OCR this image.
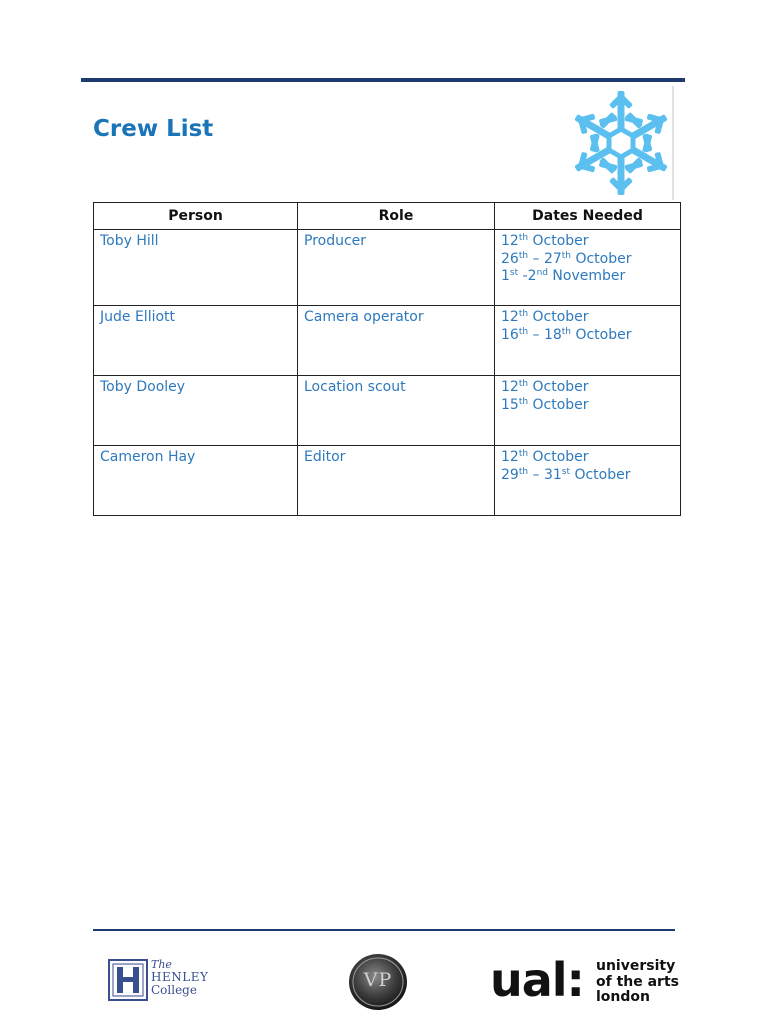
Crew List
Person	Role	Dates Needed
Toby Hill	Producer	12th October
26th – 27th October
1st -2nd November

Jude Elliott	Camera operator	12th October
16th – 18th October

Toby Dooley	Location scout	12th October
15th October

Cameron Hay	Editor	12th October
29th – 31st October
The
HENLEY
College	VP	ual: university
of the arts
london
